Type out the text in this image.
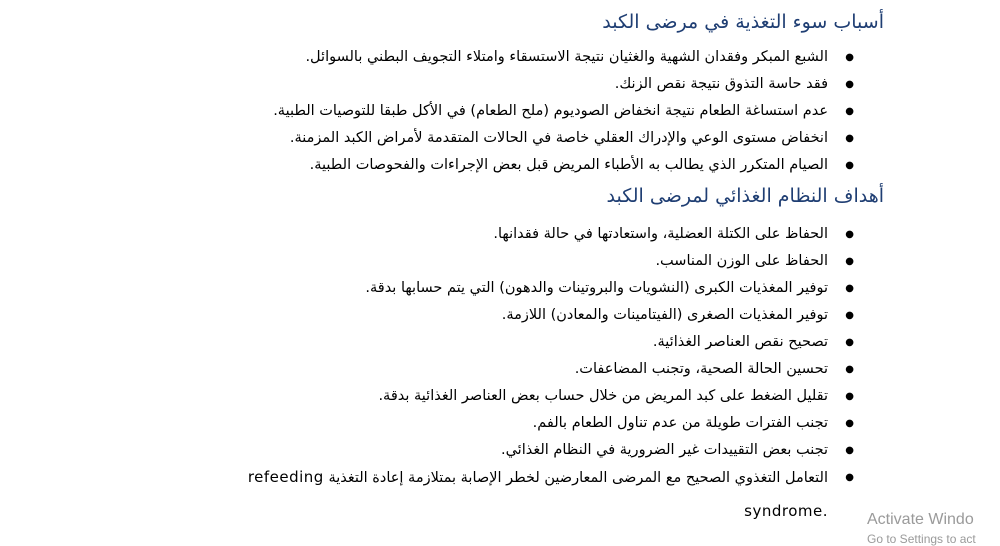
أسباب سوء التغذية في مرضى الكبد
● الشبع المبكر وفقدان الشهية والغثيان نتيجة الاستسقاء وامتلاء التجويف البطني بالسوائل.
● فقد حاسة التذوق نتيجة نقص الزنك.
● عدم استساغة الطعام نتيجة انخفاض الصوديوم (ملح الطعام) في الأكل طبقا للتوصيات الطبية.
● انخفاض مستوى الوعي والإدراك العقلي خاصة في الحالات المتقدمة لأمراض الكبد المزمنة.
● الصيام المتكرر الذي يطالب به الأطباء المريض قبل بعض الإجراءات والفحوصات الطبية.
أهداف النظام الغذائي لمرضى الكبد
● الحفاظ على الكتلة العضلية، واستعادتها في حالة فقدانها.
● الحفاظ على الوزن المناسب.
● توفير المغذيات الكبرى (النشويات والبروتينات والدهون) التي يتم حسابها بدقة.
● توفير المغذيات الصغرى (الفيتامينات والمعادن) اللازمة.
● تصحيح نقص العناصر الغذائية.
● تحسين الحالة الصحية، وتجنب المضاعفات.
● تقليل الضغط على كبد المريض من خلال حساب بعض العناصر الغذائية بدقة.
● تجنب الفترات طويلة من عدم تناول الطعام بالفم.
● تجنب بعض التقييدات غير الضرورية في النظام الغذائي.
● التعامل التغذوي الصحيح مع المرضى المعارضين لخطر الإصابة بمتلازمة إعادة التغذية refeeding
syndrome. Activate Windo
Go to Settings to act
